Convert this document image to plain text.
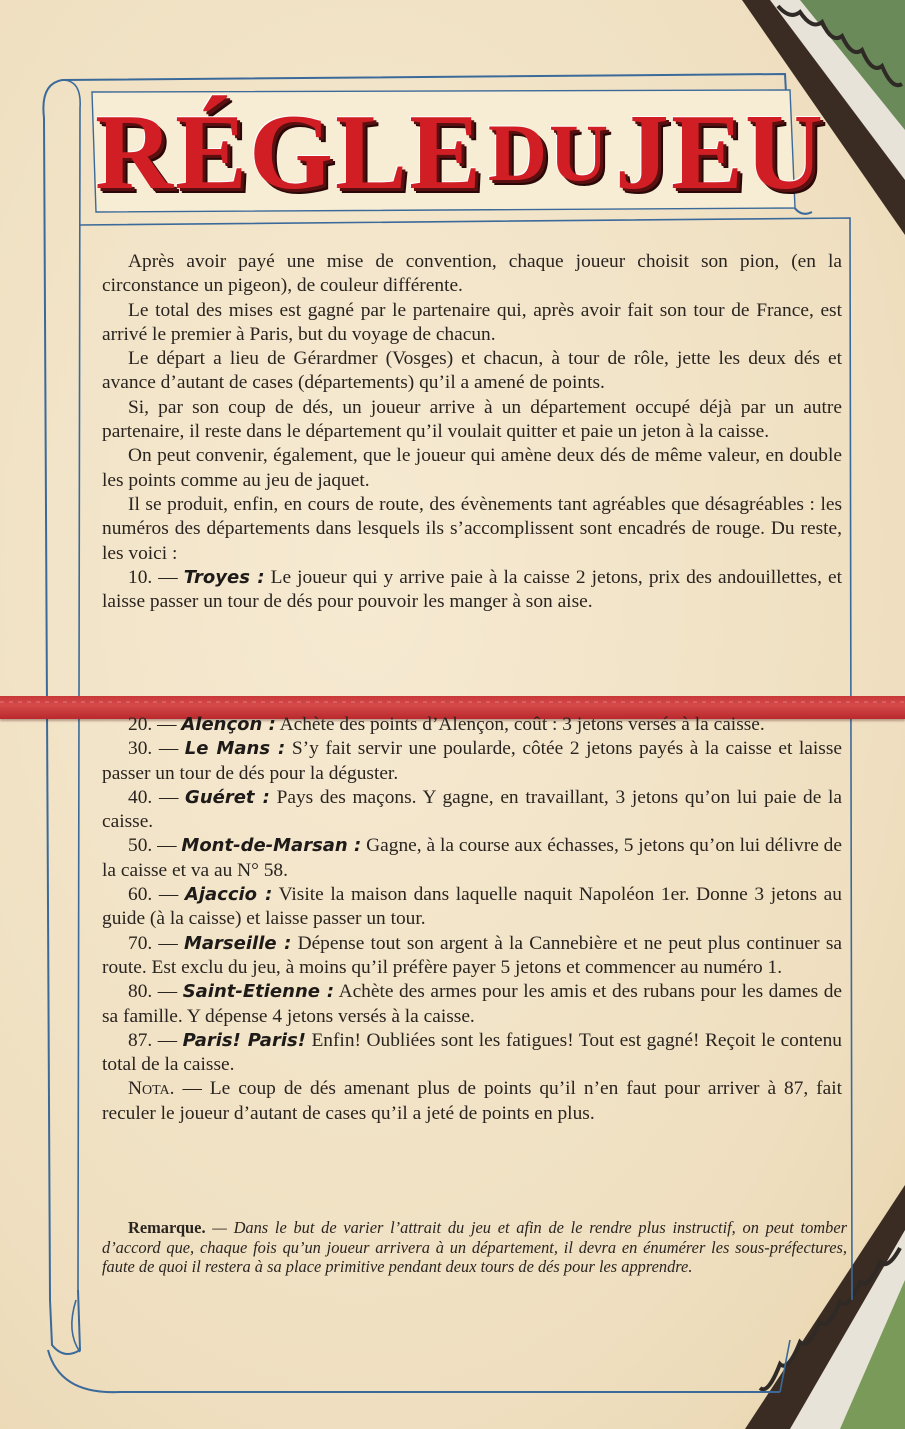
RÉGLE DU JEU

Après avoir payé une mise de convention, chaque joueur choisit son pion, (en la circonstance un pigeon), de couleur différente.

Le total des mises est gagné par le partenaire qui, après avoir fait son tour de France, est arrivé le premier à Paris, but du voyage de chacun.

Le départ a lieu de Gérardmer (Vosges) et chacun, à tour de rôle, jette les deux dés et avance d’autant de cases (départements) qu’il a amené de points.

Si, par son coup de dés, un joueur arrive à un département occupé déjà par un autre partenaire, il reste dans le département qu’il voulait quitter et paie un jeton à la caisse.

On peut convenir, également, que le joueur qui amène deux dés de même valeur, en double les points comme au jeu de jaquet.

Il se produit, enfin, en cours de route, des évènements tant agréables que désagréables : les numéros des départements dans lesquels ils s’accomplissent sont encadrés de rouge. Du reste, les voici :

10. — Troyes : Le joueur qui y arrive paie à la caisse 2 jetons, prix des andouillettes, et laisse passer un tour de dés pour pouvoir les manger à son aise.

20. — Alençon : Achète des points d’Alençon, coût : 3 jetons versés à la caisse.

30. — Le Mans : S’y fait servir une poularde, côtée 2 jetons payés à la caisse et laisse passer un tour de dés pour la déguster.

40. — Guéret : Pays des maçons. Y gagne, en travaillant, 3 jetons qu’on lui paie de la caisse.

50. — Mont-de-Marsan : Gagne, à la course aux échasses, 5 jetons qu’on lui délivre de la caisse et va au N° 58.

60. — Ajaccio : Visite la maison dans laquelle naquit Napoléon 1er. Donne 3 jetons au guide (à la caisse) et laisse passer un tour.

70. — Marseille : Dépense tout son argent à la Cannebière et ne peut plus continuer sa route. Est exclu du jeu, à moins qu’il préfère payer 5 jetons et commencer au numéro 1.

80. — Saint-Etienne : Achète des armes pour les amis et des rubans pour les dames de sa famille. Y dépense 4 jetons versés à la caisse.

87. — Paris! Paris! Enfin! Oubliées sont les fatigues! Tout est gagné! Reçoit le contenu total de la caisse.

Nota. — Le coup de dés amenant plus de points qu’il n’en faut pour arriver à 87, fait reculer le joueur d’autant de cases qu’il a jeté de points en plus.

Remarque. — Dans le but de varier l’attrait du jeu et afin de le rendre plus instructif, on peut tomber d’accord que, chaque fois qu’un joueur arrivera à un département, il devra en énumérer les sous-préfectures, faute de quoi il restera à sa place primitive pendant deux tours de dés pour les apprendre.
